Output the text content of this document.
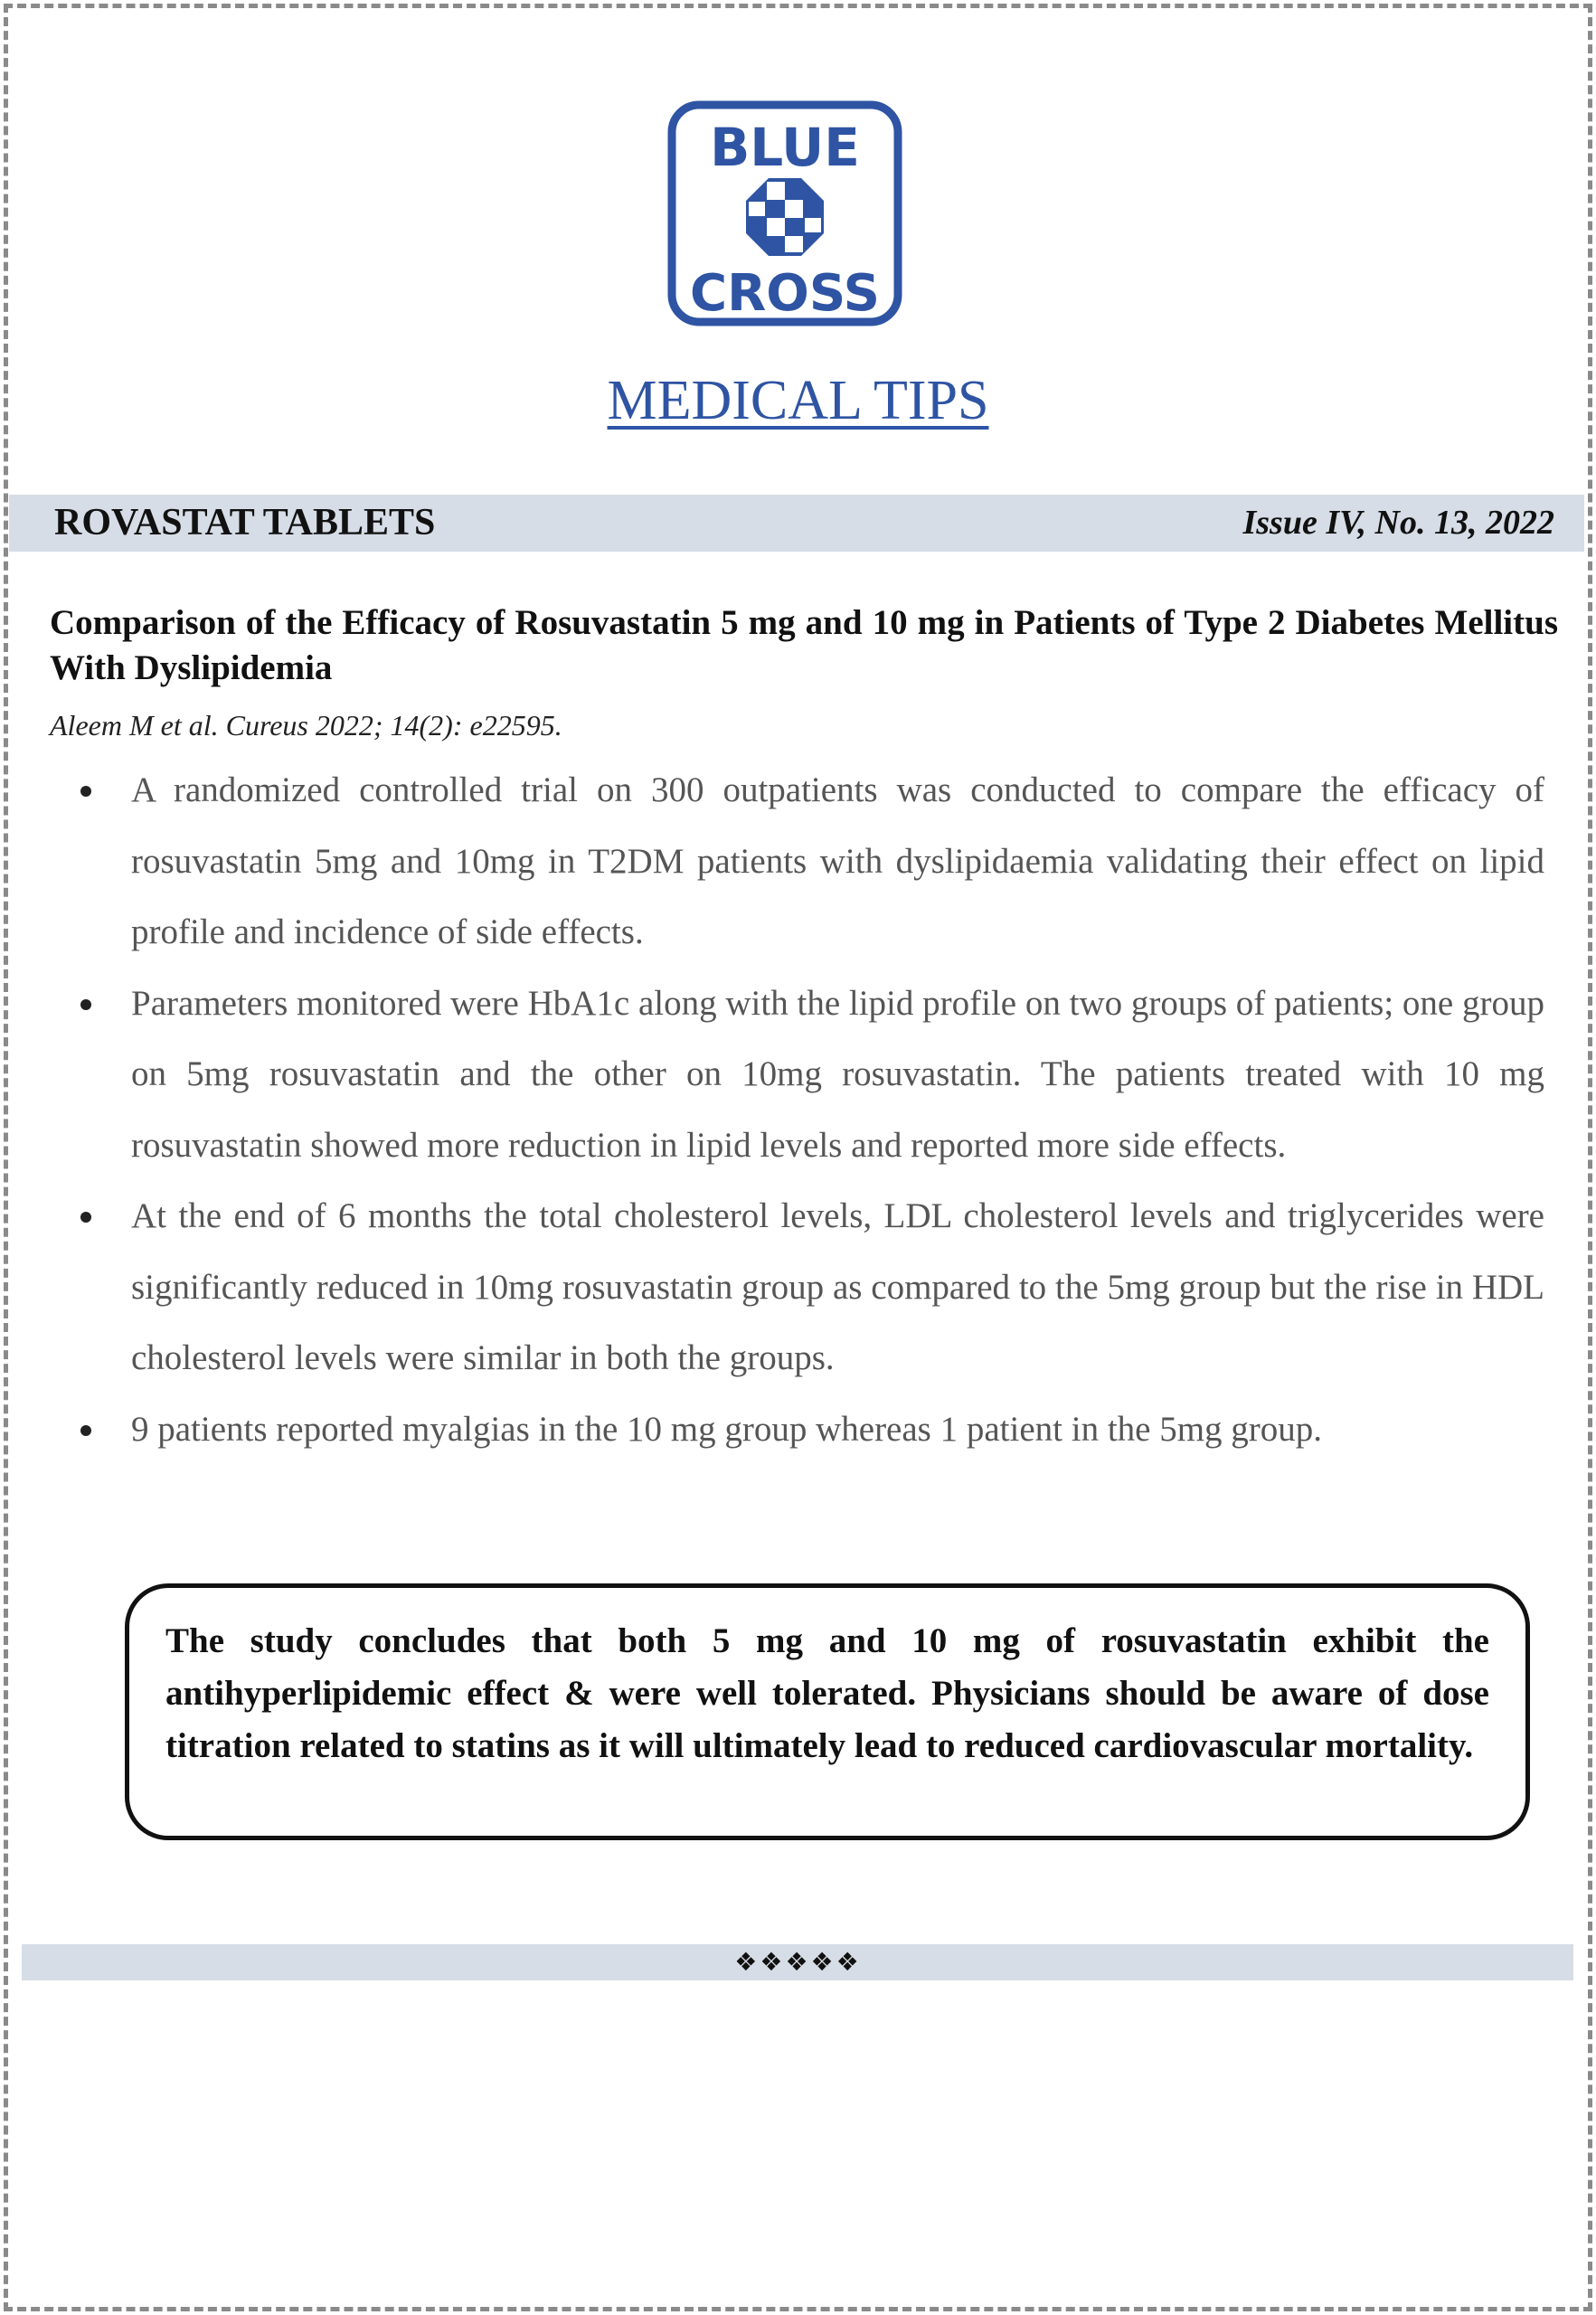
BLUE
CROSS
MEDICAL TIPS
ROVASTAT TABLETS	Issue IV, No. 13, 2022
Comparison of the Efficacy of Rosuvastatin 5 mg and 10 mg in Patients of Type 2 Diabetes Mellitus With Dyslipidemia
Aleem M et al. Cureus 2022; 14(2): e22595.
A randomized controlled trial on 300 outpatients was conducted to compare the efficacy of rosuvastatin 5mg and 10mg in T2DM patients with dyslipidaemia validating their effect on lipid profile and incidence of side effects.
Parameters monitored were HbA1c along with the lipid profile on two groups of patients; one group on 5mg rosuvastatin and the other on 10mg rosuvastatin. The patients treated with 10 mg rosuvastatin showed more reduction in lipid levels and reported more side effects.
At the end of 6 months the total cholesterol levels, LDL cholesterol levels and triglycerides were significantly reduced in 10mg rosuvastatin group as compared to the 5mg group but the rise in HDL cholesterol levels were similar in both the groups.
9 patients reported myalgias in the 10 mg group whereas 1 patient in the 5mg group.

The study concludes that both 5 mg and 10 mg of rosuvastatin exhibit the antihyperlipidemic effect & were well tolerated. Physicians should be aware of dose titration related to statins as it will ultimately lead to reduced cardiovascular mortality.

❖❖❖❖❖
